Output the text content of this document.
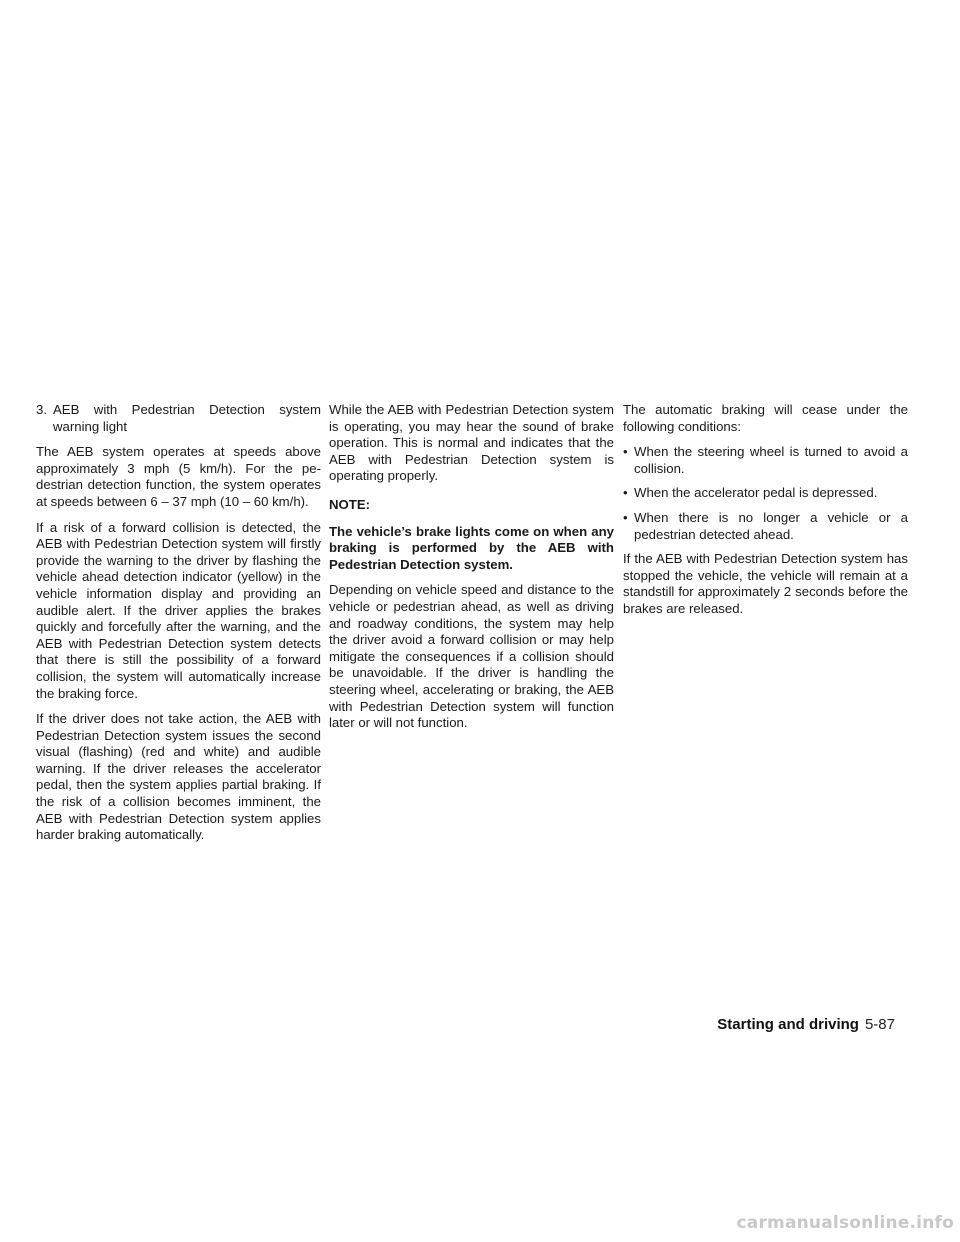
3. AEB with Pedestrian Detection system warning light

The AEB system operates at speeds above approximately 3 mph (5 km/h). For the pedestrian detection function, the system operates at speeds between 6 – 37 mph (10 – 60 km/h).

If a risk of a forward collision is detected, the AEB with Pedestrian Detection system will firstly provide the warning to the driver by flashing the vehicle ahead detection indicator (yellow) in the vehicle information display and providing an audible alert. If the driver applies the brakes quickly and forcefully after the warning, and the AEB with Pedestrian Detection system detects that there is still the possibility of a forward collision, the system will automatically increase the braking force.

If the driver does not take action, the AEB with Pedestrian Detection system issues the second visual (flashing) (red and white) and audible warning. If the driver releases the accelerator pedal, then the system applies partial braking. If the risk of a collision becomes imminent, the AEB with Pedestrian Detection system applies harder braking automatically.

While the AEB with Pedestrian Detection system is operating, you may hear the sound of brake operation. This is normal and indicates that the AEB with Pedestrian Detection system is operating properly.

NOTE:

The vehicle’s brake lights come on when any braking is performed by the AEB with Pedestrian Detection system.

Depending on vehicle speed and distance to the vehicle or pedestrian ahead, as well as driving and roadway conditions, the system may help the driver avoid a forward collision or may help mitigate the consequences if a collision should be unavoidable. If the driver is handling the steering wheel, accelerating or braking, the AEB with Pedestrian Detection system will function later or will not function.

The automatic braking will cease under the following conditions:

• When the steering wheel is turned to avoid a collision.
• When the accelerator pedal is depressed.
• When there is no longer a vehicle or a pedestrian detected ahead.

If the AEB with Pedestrian Detection system has stopped the vehicle, the vehicle will remain at a standstill for approximately 2 seconds before the brakes are released.

Starting and driving 5-87
carmanualsonline.info
